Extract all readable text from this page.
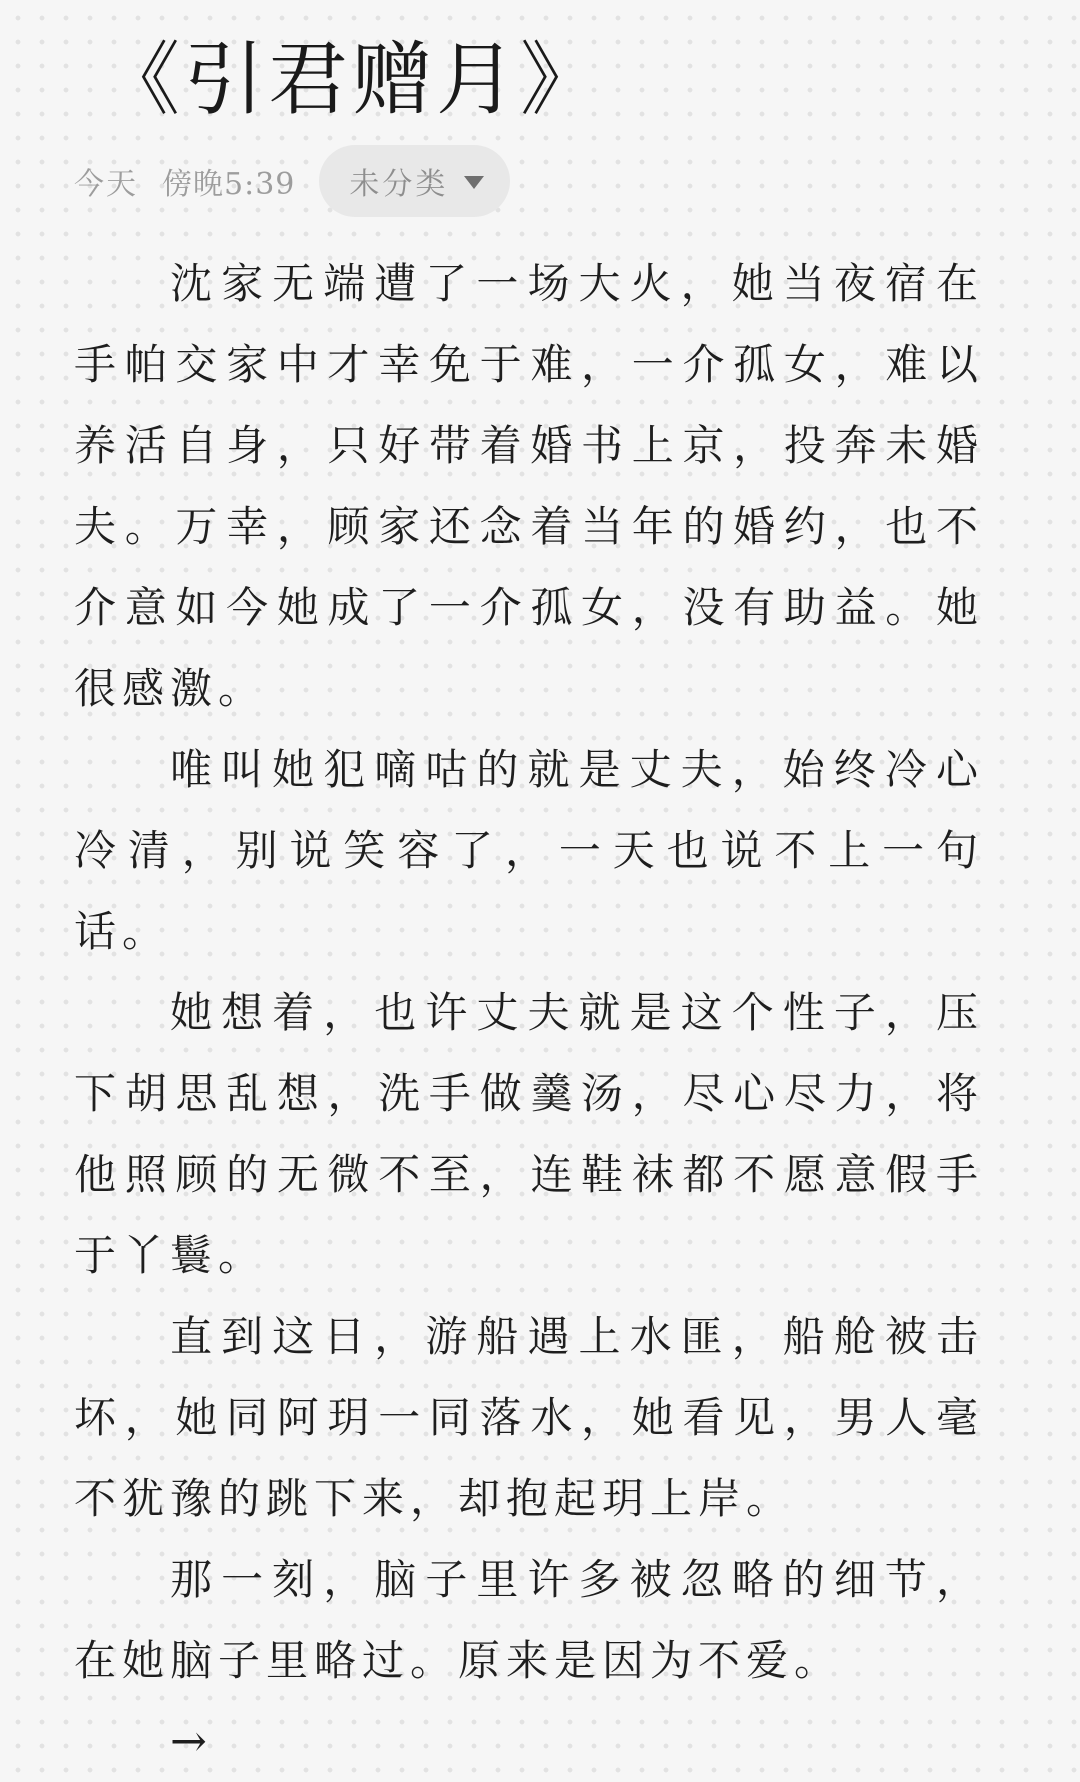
《引君赠月》
今天 傍晚5:39 未分类

沈家无端遭了一场大火，她当夜宿在手帕交家中才幸免于难，一介孤女，难以养活自身，只好带着婚书上京，投奔未婚夫。万幸，顾家还念着当年的婚约，也不介意如今她成了一介孤女，没有助益。她很感激。

唯叫她犯嘀咕的就是丈夫，始终冷心冷清，别说笑容了，一天也说不上一句话。

她想着，也许丈夫就是这个性子，压下胡思乱想，洗手做羹汤，尽心尽力，将他照顾的无微不至，连鞋袜都不愿意假手于丫鬟。

直到这日，游船遇上水匪，船舱被击坏，她同阿玥一同落水，她看见，男人毫不犹豫的跳下来，却抱起玥上岸。

那一刻，脑子里许多被忽略的细节，在她脑子里略过。原来是因为不爱。

→
